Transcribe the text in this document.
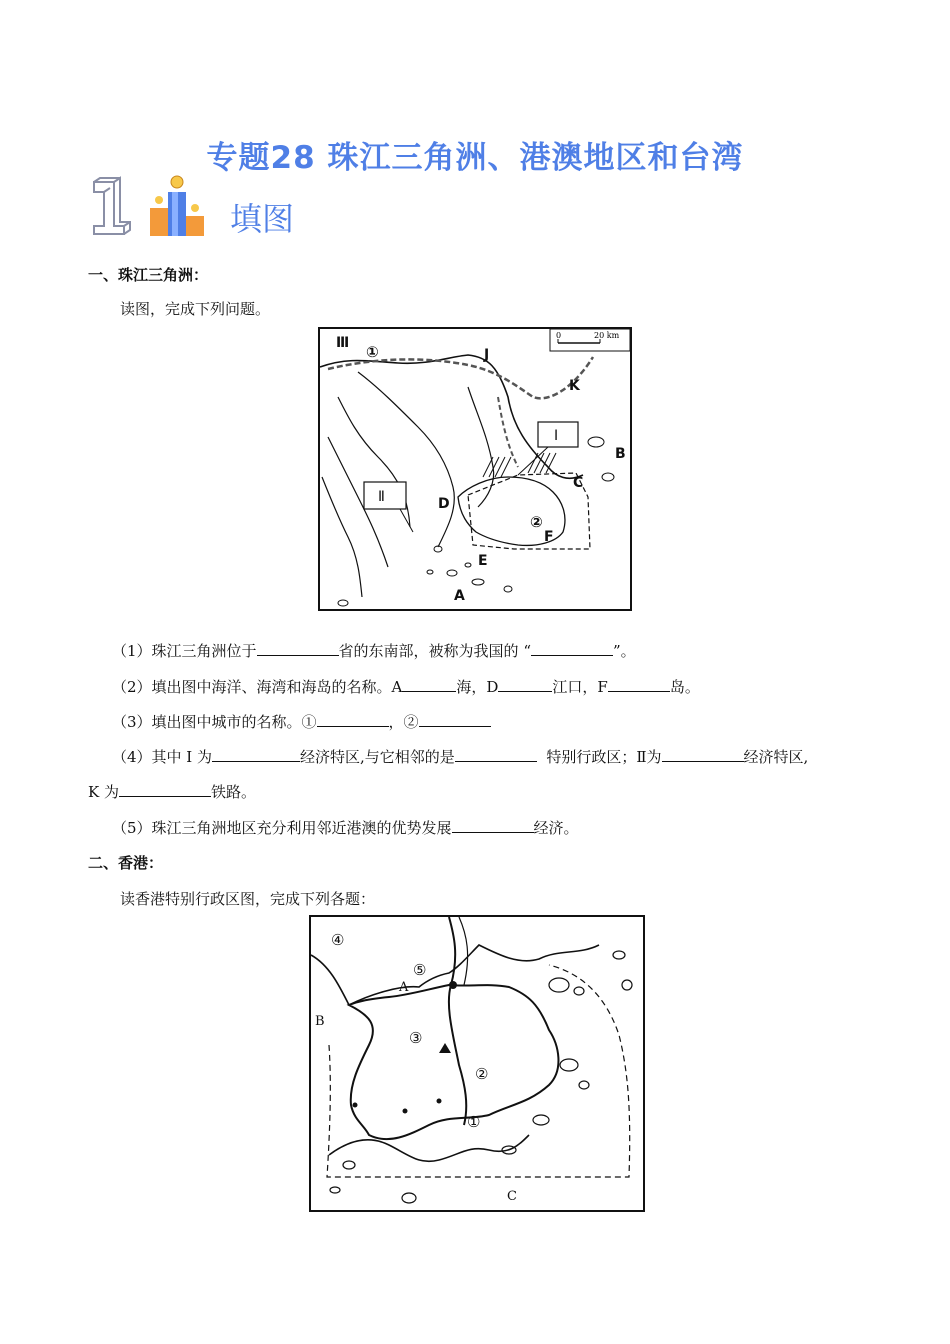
专题28 珠江三角洲、港澳地区和台湾
填图
一、珠江三角洲：
读图，完成下列问题。
0	20 km
Ⅲ ①	J
K
Ⅰ
B
C
Ⅱ	D
②
F
E
A
（1）珠江三角洲位于	省的东南部，被称为我国的 “	”。
（2）填出图中海洋、海湾和海岛的名称。A	海，D	江口，F	岛。
（3）填出图中城市的名称。①	，②
（4）其中 I 为	经济特区,与它相邻的是	特别行政区；Ⅱ为	经济特区,
K 为	铁路。
（5）珠江三角洲地区充分利用邻近港澳的优势发展	经济。
二、香港：
读香港特别行政区图，完成下列各题：
④
⑤
A
B
③
②
①
C
